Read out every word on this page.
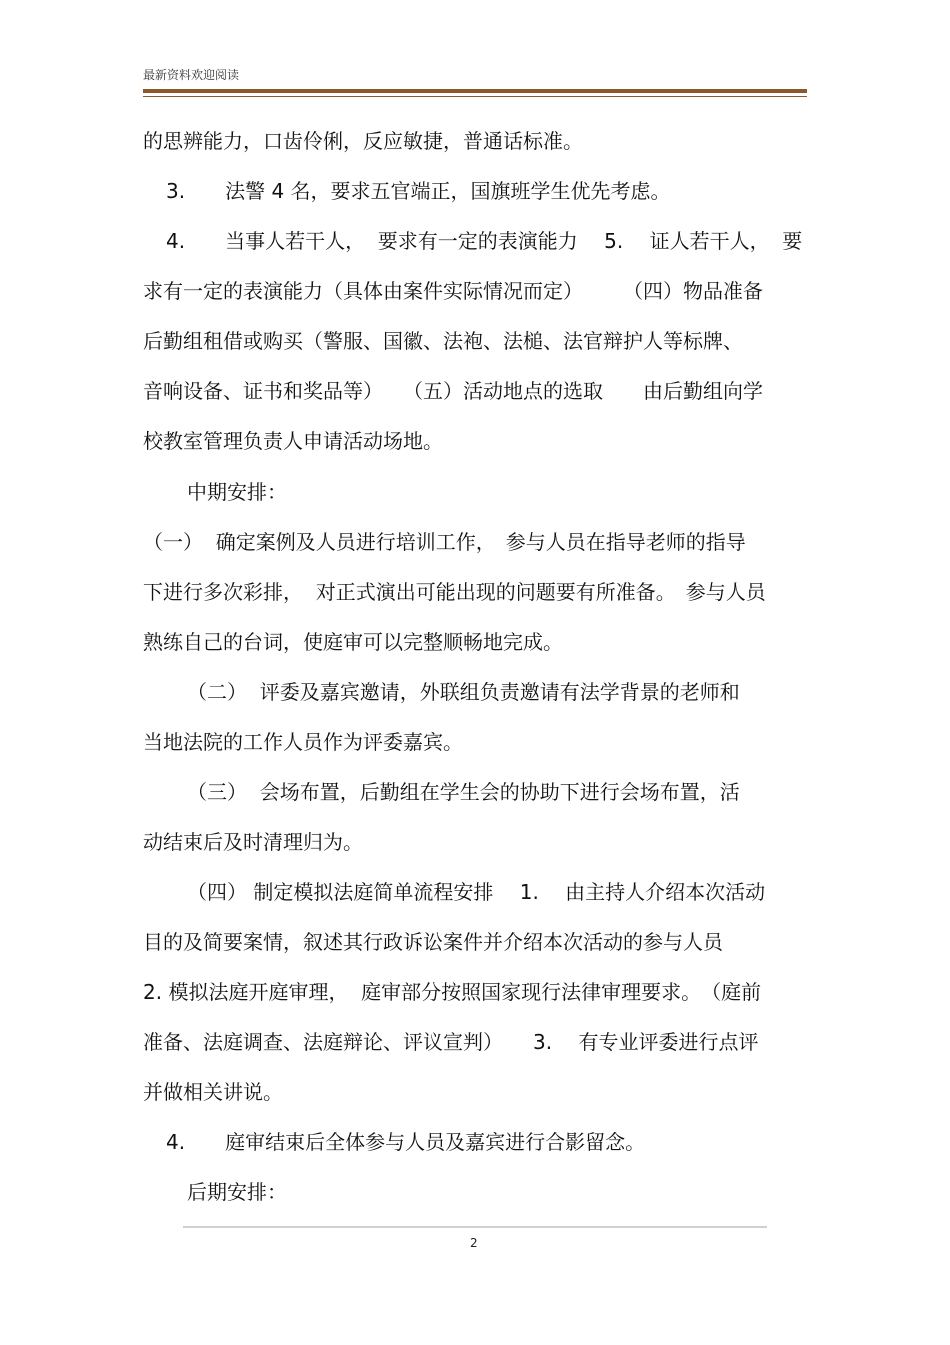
最新资料欢迎阅读
的思辨能力，口齿伶俐，反应敏捷，普通话标准。
3.　　法警 4 名，要求五官端正，国旗班学生优先考虑。
4.　　当事人若干人，  要求有一定的表演能力　 5.　 证人若干人，  要
求有一定的表演能力（具体由案件实际情况而定）　　　（四）物品准备
后勤组租借或购买（警服、国徽、法袍、法槌、法官辩护人等标牌、
音响设备、证书和奖品等）　　（五）活动地点的选取　　由后勤组向学
校教室管理负责人申请活动场地。
中期安排：
（一）  确定案例及人员进行培训工作，　参与人员在指导老师的指导
下进行多次彩排，  对正式演出可能出现的问题要有所准备。　参与人员
熟练自己的台词，使庭审可以完整顺畅地完成。
（二）  评委及嘉宾邀请，外联组负责邀请有法学背景的老师和
当地法院的工作人员作为评委嘉宾。
（三）  会场布置，后勤组在学生会的协助下进行会场布置，活
动结束后及时清理归为。
（四） 制定模拟法庭简单流程安排　 1.　 由主持人介绍本次活动
目的及简要案情，叙述其行政诉讼案件并介绍本次活动的参与人员
2. 模拟法庭开庭审理，  庭审部分按照国家现行法律审理要求。　（庭前
准备、法庭调查、法庭辩论、评议宣判）　　3.　 有专业评委进行点评
并做相关讲说。
4.　　庭审结束后全体参与人员及嘉宾进行合影留念。
后期安排：
2
